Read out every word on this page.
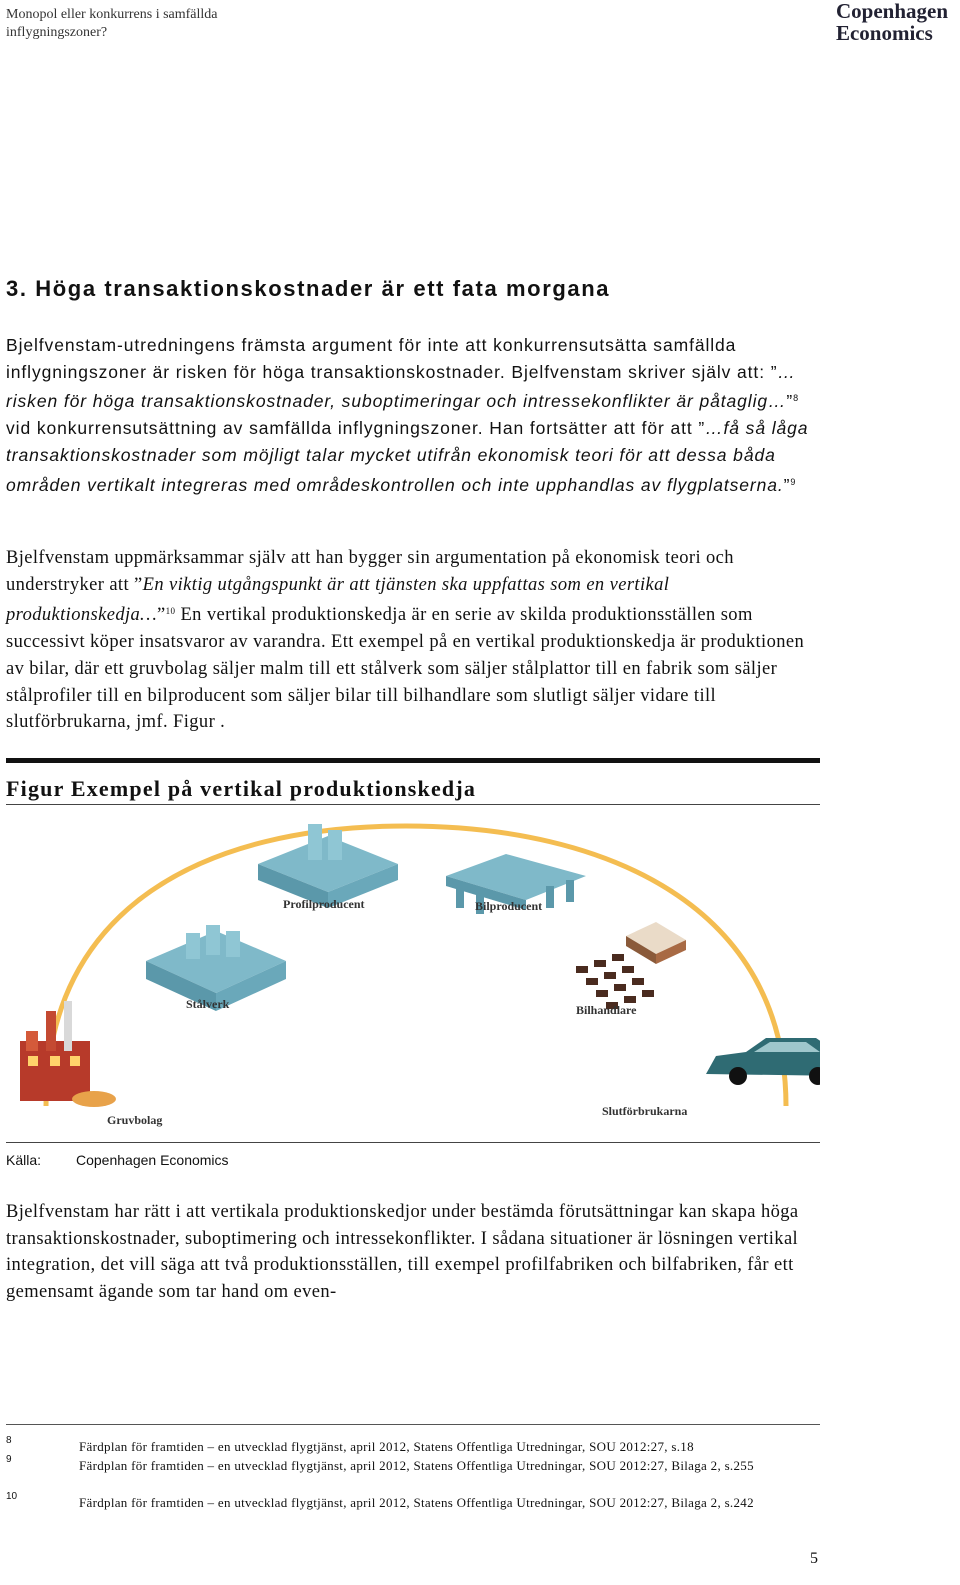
Monopol eller konkurrens i samfällda
inflygningszoner?
Copenhagen
Economics
3. Höga transaktionskostnader är ett fata morgana

Bjelfvenstam-utredningens främsta argument för inte att konkurrensutsätta samfällda inflygningszoner är risken för höga transaktionskostnader. Bjelfvenstam skriver själv att: ”…risken för höga transaktionskostnader, suboptimeringar och intressekonflikter är påtaglig…”$^8$ vid konkurrensutsättning av samfällda inflygningszoner. Han fortsätter att för att ”…få så låga transaktionskostnader som möjligt talar mycket utifrån ekonomisk teori för att dessa båda områden vertikalt integreras med områdeskontrollen och inte upphandlas av flygplatserna.”$^9$

Bjelfvenstam uppmärksammar själv att han bygger sin argumentation på ekonomisk teori och understryker att ”En viktig utgångspunkt är att tjänsten ska uppfattas som en vertikal produktionskedja…”$^{10}$ En vertikal produktionskedja är en serie av skilda produktionsställen som successivt köper insatsvaror av varandra. Ett exempel på en vertikal produktionskedja är produktionen av bilar, där ett gruvbolag säljer malm till ett stålverk som säljer stålplattor till en fabrik som säljer stålprofiler till en bilproducent som säljer bilar till bilhandlare som slutligt säljer vidare till slutförbrukarna, jmf. Figur .

Figur Exempel på vertikal produktionskedja
Gruvbolag
Stålverk
Profilproducent	Bilproducent
Bilhandlare
Slutförbrukarna
Källa: Copenhagen Economics

Bjelfvenstam har rätt i att vertikala produktionskedjor under bestämda förutsättningar kan skapa höga transaktionskostnader, suboptimering och intressekonflikter. I sådana situationer är lösningen vertikal integration, det vill säga att två produktionsställen, till exempel profilfabriken och bilfabriken, får ett gemensamt ägande som tar hand om even-

8	Färdplan för framtiden – en utvecklad flygtjänst, april 2012, Statens Offentliga Utredningar, SOU 2012:27, s.18
9	Färdplan för framtiden – en utvecklad flygtjänst, april 2012, Statens Offentliga Utredningar, SOU 2012:27, Bilaga 2, s.255
10	Färdplan för framtiden – en utvecklad flygtjänst, april 2012, Statens Offentliga Utredningar, SOU 2012:27, Bilaga 2, s.242
5
